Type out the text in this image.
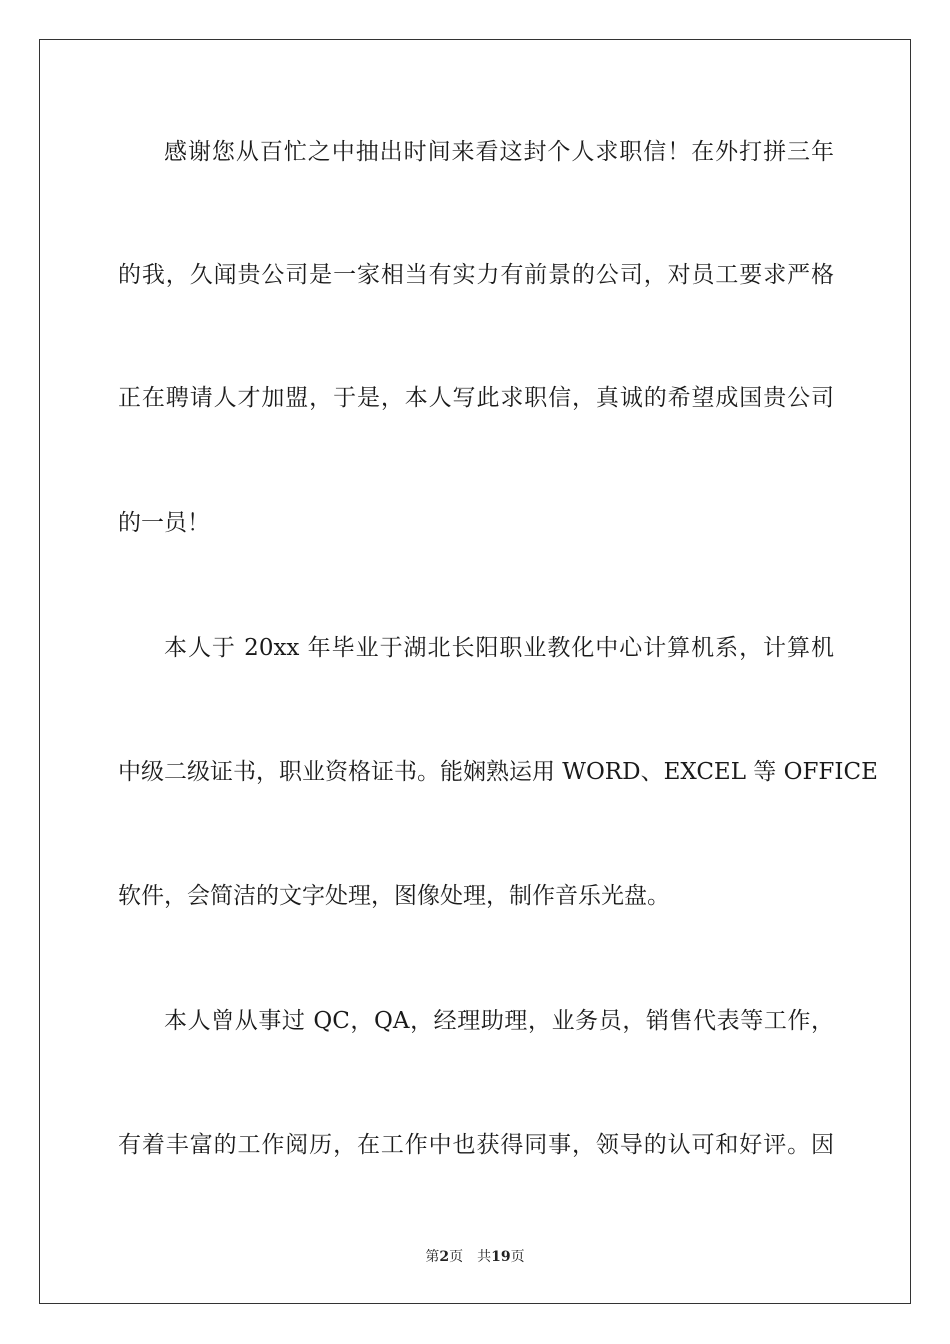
感谢您从百忙之中抽出时间来看这封个人求职信！在外打拼三年
的我，久闻贵公司是一家相当有实力有前景的公司，对员工要求严格
正在聘请人才加盟，于是，本人写此求职信，真诚的希望成国贵公司
的一员！
本人于 20xx 年毕业于湖北长阳职业教化中心计算机系，计算机
中级二级证书，职业资格证书。能娴熟运用 WORD、EXCEL 等 OFFICE
软件，会简洁的文字处理，图像处理，制作音乐光盘。
本人曾从事过 QC，QA，经理助理，业务员，销售代表等工作，
有着丰富的工作阅历，在工作中也获得同事，领导的认可和好评。因
第2页 共19页
